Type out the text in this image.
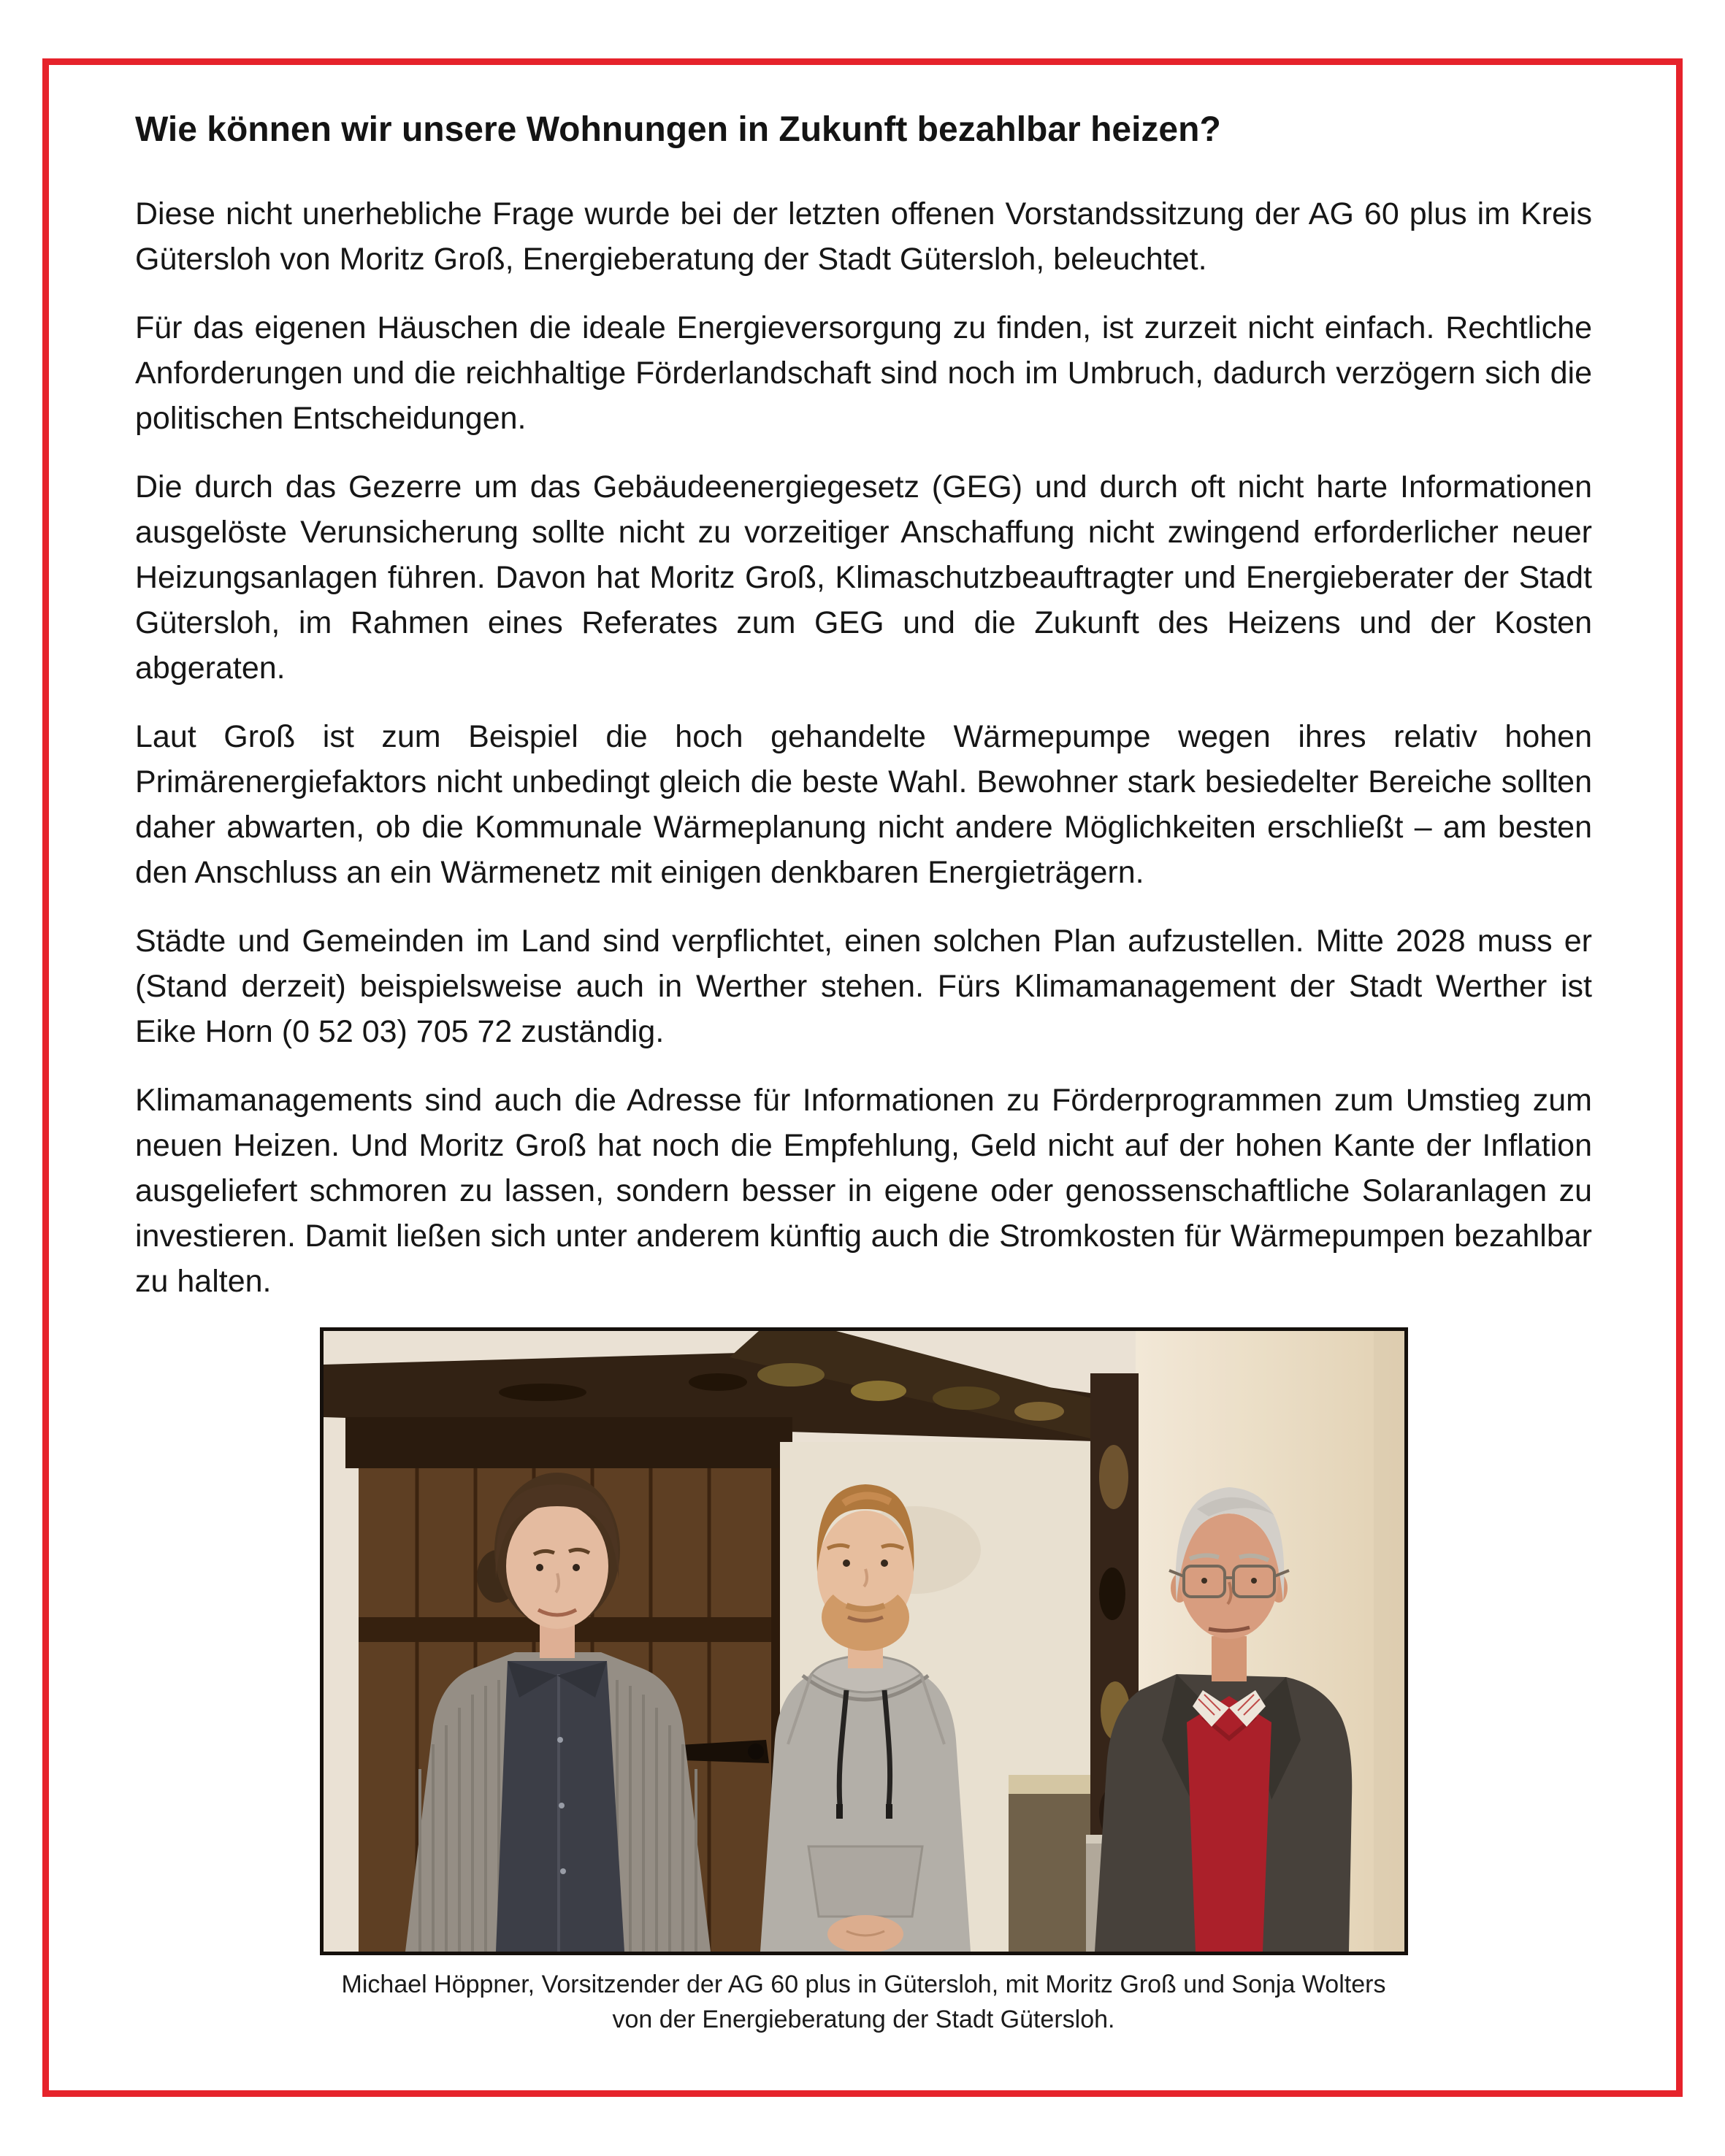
Wie können wir unsere Wohnungen in Zukunft bezahlbar heizen?

Diese nicht unerhebliche Frage wurde bei der letzten offenen Vorstandssitzung der AG 60 plus im Kreis Gütersloh von Moritz Groß, Energieberatung der Stadt Gütersloh, beleuchtet.

Für das eigenen Häuschen die ideale Energieversorgung zu finden, ist zurzeit nicht einfach. Rechtliche Anforderungen und die reichhaltige Förderlandschaft sind noch im Umbruch, dadurch verzögern sich die politischen Entscheidungen.

Die durch das Gezerre um das Gebäudeenergiegesetz (GEG) und durch oft nicht harte Informationen ausgelöste Verunsicherung sollte nicht zu vorzeitiger Anschaffung nicht zwingend erforderlicher neuer Heizungsanlagen führen. Davon hat Moritz Groß, Klimaschutzbeauftragter und Energieberater der Stadt Gütersloh, im Rahmen eines Referates zum GEG und die Zukunft des Heizens und der Kosten abgeraten.

Laut Groß ist zum Beispiel die hoch gehandelte Wärmepumpe wegen ihres relativ hohen Primärenergiefaktors nicht unbedingt gleich die beste Wahl. Bewohner stark besiedelter Bereiche sollten daher abwarten, ob die Kommunale Wärmeplanung nicht andere Möglichkeiten erschließt – am besten den Anschluss an ein Wärmenetz mit einigen denkbaren Energieträgern.

Städte und Gemeinden im Land sind verpflichtet, einen solchen Plan aufzustellen. Mitte 2028 muss er (Stand derzeit) beispielsweise auch in Werther stehen. Fürs Klimamanagement der Stadt Werther ist Eike Horn (0 52 03) 705 72 zuständig.

Klimamanagements sind auch die Adresse für Informationen zu Förderprogrammen zum Umstieg zum neuen Heizen. Und Moritz Groß hat noch die Empfehlung, Geld nicht auf der hohen Kante der Inflation ausgeliefert schmoren zu lassen, sondern besser in eigene oder genossenschaftliche Solaranlagen zu investieren. Damit ließen sich unter anderem künftig auch die Stromkosten für Wärmepumpen bezahlbar zu halten.

Michael Höppner, Vorsitzender der AG 60 plus in Gütersloh, mit Moritz Groß und Sonja Wolters
von der Energieberatung der Stadt Gütersloh.
